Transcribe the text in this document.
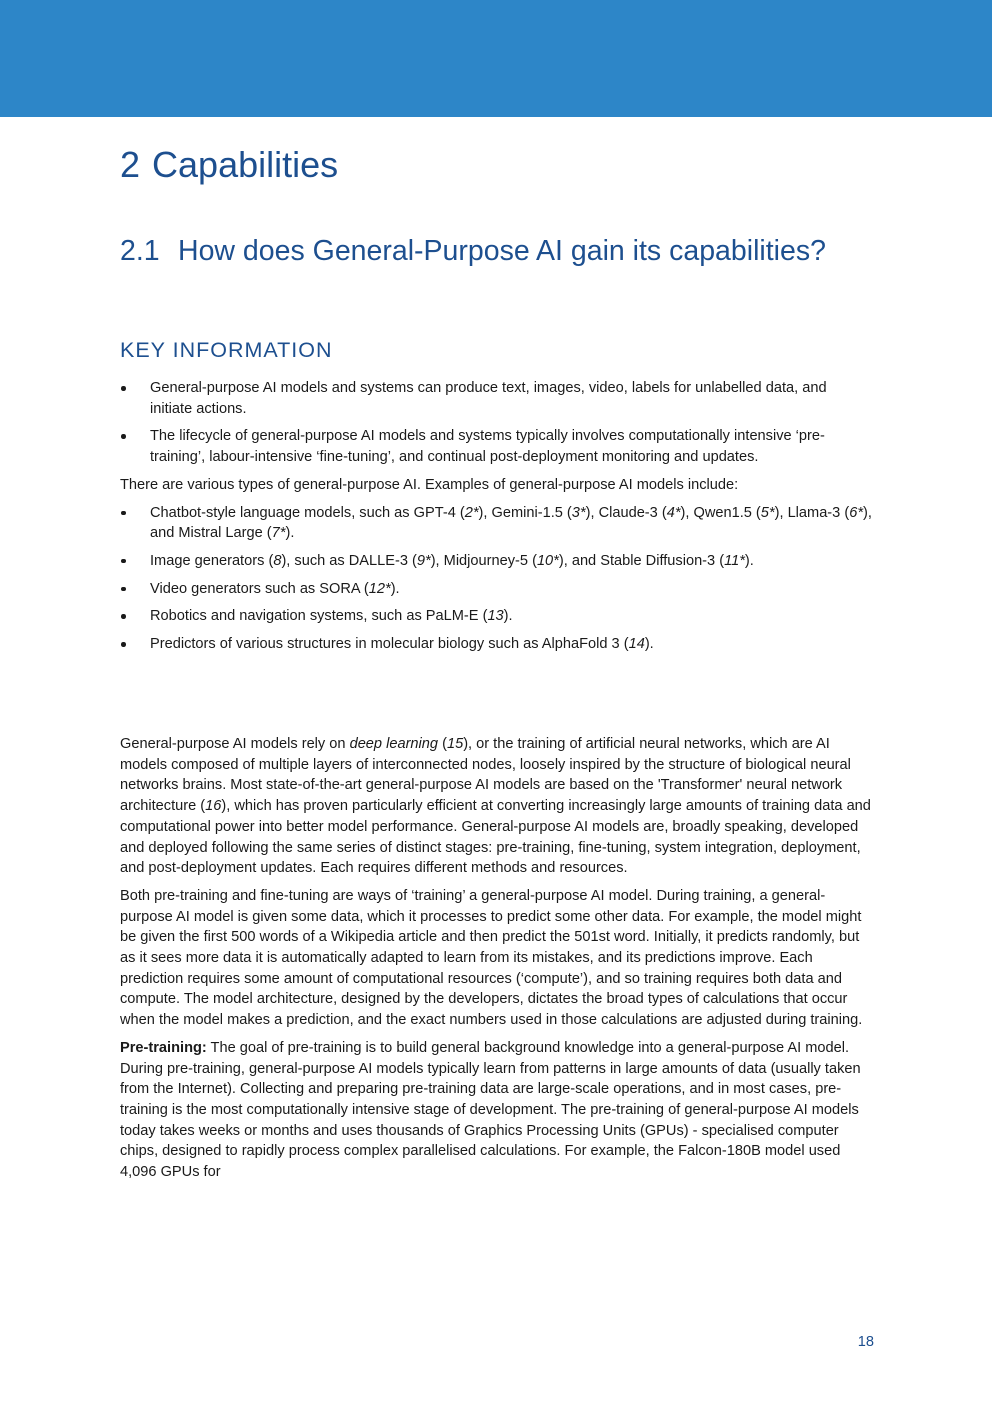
2 Capabilities
2.1 How does General-Purpose AI gain its capabilities?
KEY INFORMATION
General-purpose AI models and systems can produce text, images, video, labels for unlabelled data, and initiate actions.
The lifecycle of general-purpose AI models and systems typically involves computationally intensive ‘pre-training’, labour-intensive ‘fine-tuning’, and continual post-deployment monitoring and updates.

There are various types of general-purpose AI. Examples of general-purpose AI models include:

Chatbot-style language models, such as GPT-4 (2*), Gemini-1.5 (3*), Claude-3 (4*), Qwen1.5 (5*), Llama-3 (6*), and Mistral Large (7*).
Image generators (8), such as DALLE-3 (9*), Midjourney-5 (10*), and Stable Diffusion-3 (11*).
Video generators such as SORA (12*).
Robotics and navigation systems, such as PaLM-E (13).
Predictors of various structures in molecular biology such as AlphaFold 3 (14).

General-purpose AI models rely on deep learning (15), or the training of artificial neural networks, which are AI models composed of multiple layers of interconnected nodes, loosely inspired by the structure of biological neural networks brains. Most state-of-the-art general-purpose AI models are based on the 'Transformer' neural network architecture (16), which has proven particularly efficient at converting increasingly large amounts of training data and computational power into better model performance. General-purpose AI models are, broadly speaking, developed and deployed following the same series of distinct stages: pre-training, fine-tuning, system integration, deployment, and post-deployment updates. Each requires different methods and resources.

Both pre-training and fine-tuning are ways of ‘training’ a general-purpose AI model. During training, a general-purpose AI model is given some data, which it processes to predict some other data. For example, the model might be given the first 500 words of a Wikipedia article and then predict the 501st word. Initially, it predicts randomly, but as it sees more data it is automatically adapted to learn from its mistakes, and its predictions improve. Each prediction requires some amount of computational resources (‘compute’), and so training requires both data and compute. The model architecture, designed by the developers, dictates the broad types of calculations that occur when the model makes a prediction, and the exact numbers used in those calculations are adjusted during training.

Pre-training: The goal of pre-training is to build general background knowledge into a general-purpose AI model. During pre-training, general-purpose AI models typically learn from patterns in large amounts of data (usually taken from the Internet). Collecting and preparing pre-training data are large-scale operations, and in most cases, pre-training is the most computationally intensive stage of development. The pre-training of general-purpose AI models today takes weeks or months and uses thousands of Graphics Processing Units (GPUs) - specialised computer chips, designed to rapidly process complex parallelised calculations. For example, the Falcon-180B model used 4,096 GPUs for

18
